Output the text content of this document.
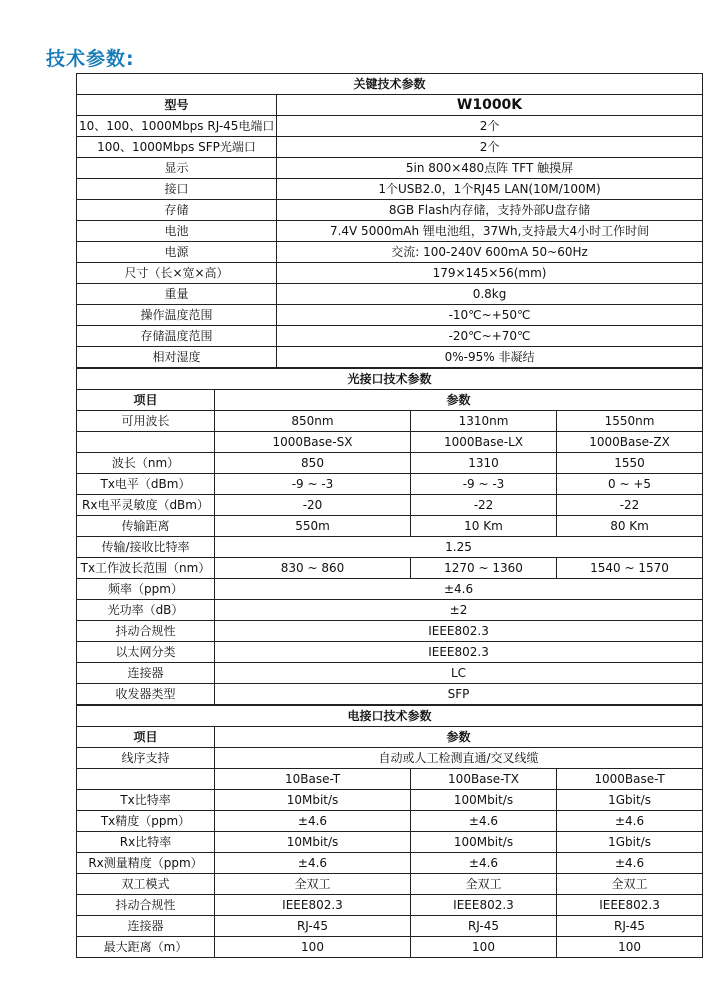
技术参数:
关键技术参数				
型号		W1000K		
10、100、1000Mbps RJ-45电端口		2个		
100、1000Mbps SFP光端口		2个		
显示		5in 800×480点阵 TFT 触摸屏		
接口		1个USB2.0，1个RJ45 LAN(10M/100M)		
存储		8GB Flash内存储，支持外部U盘存储		
电池		7.4V 5000mAh 锂电池组，37Wh,支持最大4小时工作时间		
电源		交流: 100-240V 600mA 50~60Hz		
尺寸（长×宽×高）		179×145×56(mm)		
重量		0.8kg		
操作温度范围		-10℃~+50℃		
存储温度范围		-20℃~+70℃		
相对湿度		0%-95% 非凝结		
光接口技术参数				
项目	参数			
可用波长	850nm		1310nm	1550nm
	1000Base-SX		1000Base-LX	1000Base-ZX
波长（nm）	850		1310	1550
Tx电平（dBm）	-9 ~ -3		-9 ~ -3	0 ~ +5
Rx电平灵敏度（dBm）	-20		-22	-22
传输距离	550m		10 Km	80 Km
传输/接收比特率	1.25			
Tx工作波长范围（nm）	830 ~ 860		1270 ~ 1360	1540 ~ 1570
频率（ppm）	±4.6			
光功率（dB）	±2			
抖动合规性	IEEE802.3			
以太网分类	IEEE802.3			
连接器	LC			
收发器类型	SFP			
电接口技术参数				
项目	参数			
线序支持	自动或人工检测直通/交叉线缆			
	10Base-T		100Base-TX	1000Base-T
Tx比特率	10Mbit/s		100Mbit/s	1Gbit/s
Tx精度（ppm）	±4.6		±4.6	±4.6
Rx比特率	10Mbit/s		100Mbit/s	1Gbit/s
Rx测量精度（ppm）	±4.6		±4.6	±4.6
双工模式	全双工		全双工	全双工
抖动合规性	IEEE802.3		IEEE802.3	IEEE802.3
连接器	RJ-45		RJ-45	RJ-45
最大距离（m）	100		100	100
